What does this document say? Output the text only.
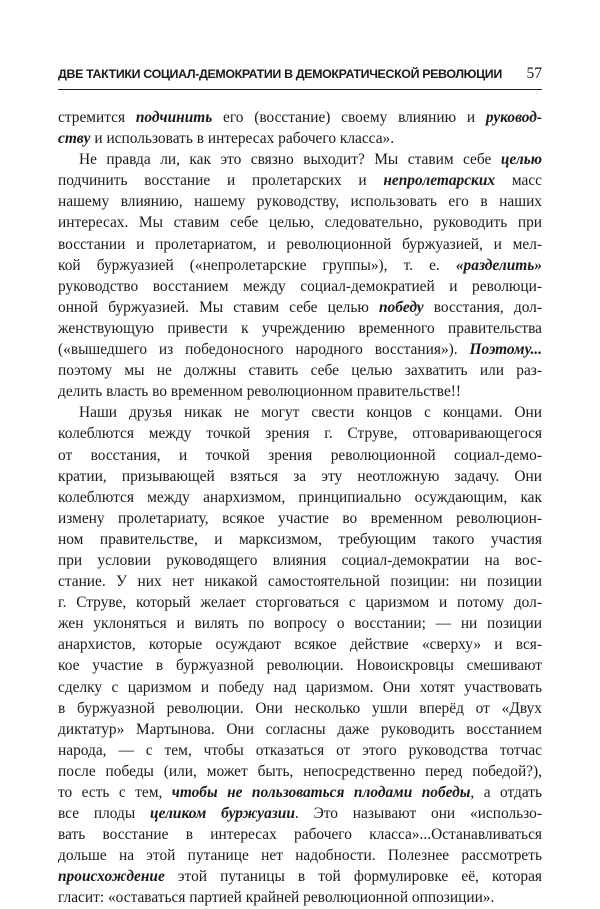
ДВЕ ТАКТИКИ СОЦИАЛ-ДЕМОКРАТИИ В ДЕМОКРАТИЧЕСКОЙ РЕВОЛЮЦИИ 57
стремится подчинить его (восстание) своему влиянию и руковод-
ству и использовать в интересах рабочего класса».
Не правда ли, как это связно выходит? Мы ставим себе целью
подчинить восстание и пролетарских и непролетарских масс
нашему влиянию, нашему руководству, использовать его в наших
интересах. Мы ставим себе целью, следовательно, руководить при
восстании и пролетариатом, и революционной буржуазией, и мел-
кой буржуазией («непролетарские группы»), т. е. «разделить»
руководство восстанием между социал-демократией и революци-
онной буржуазией. Мы ставим себе целью победу восстания, дол-
женствующую привести к учреждению временного правительства
(«вышедшего из победоносного народного восстания»). Поэтому...
поэтому мы не должны ставить себе целью захватить или раз-
делить власть во временном революционном правительстве!!
Наши друзья никак не могут свести концов с концами. Они
колеблются между точкой зрения г. Струве, отговаривающегося
от восстания, и точкой зрения революционной социал-демо-
кратии, призывающей взяться за эту неотложную задачу. Они
колеблются между анархизмом, принципиально осуждающим, как
измену пролетариату, всякое участие во временном революцион-
ном правительстве, и марксизмом, требующим такого участия
при условии руководящего влияния социал-демократии на вос-
стание. У них нет никакой самостоятельной позиции: ни позиции
г. Струве, который желает сторговаться с царизмом и потому дол-
жен уклоняться и вилять по вопросу о восстании; — ни позиции
анархистов, которые осуждают всякое действие «сверху» и вся-
кое участие в буржуазной революции. Новоискровцы смешивают
сделку с царизмом и победу над царизмом. Они хотят участвовать
в буржуазной революции. Они несколько ушли вперёд от «Двух
диктатур» Мартынова. Они согласны даже руководить восстанием
народа, — с тем, чтобы отказаться от этого руководства тотчас
после победы (или, может быть, непосредственно перед победой?),
то есть с тем, чтобы не пользоваться плодами победы, а отдать
все плоды целиком буржуазии. Это называют они «использо-
вать восстание в интересах рабочего класса»...Останавливаться
дольше на этой путанице нет надобности. Полезнее рассмотреть
происхождение этой путаницы в той формулировке её, которая
гласит: «оставаться партией крайней революционной оппозиции».
